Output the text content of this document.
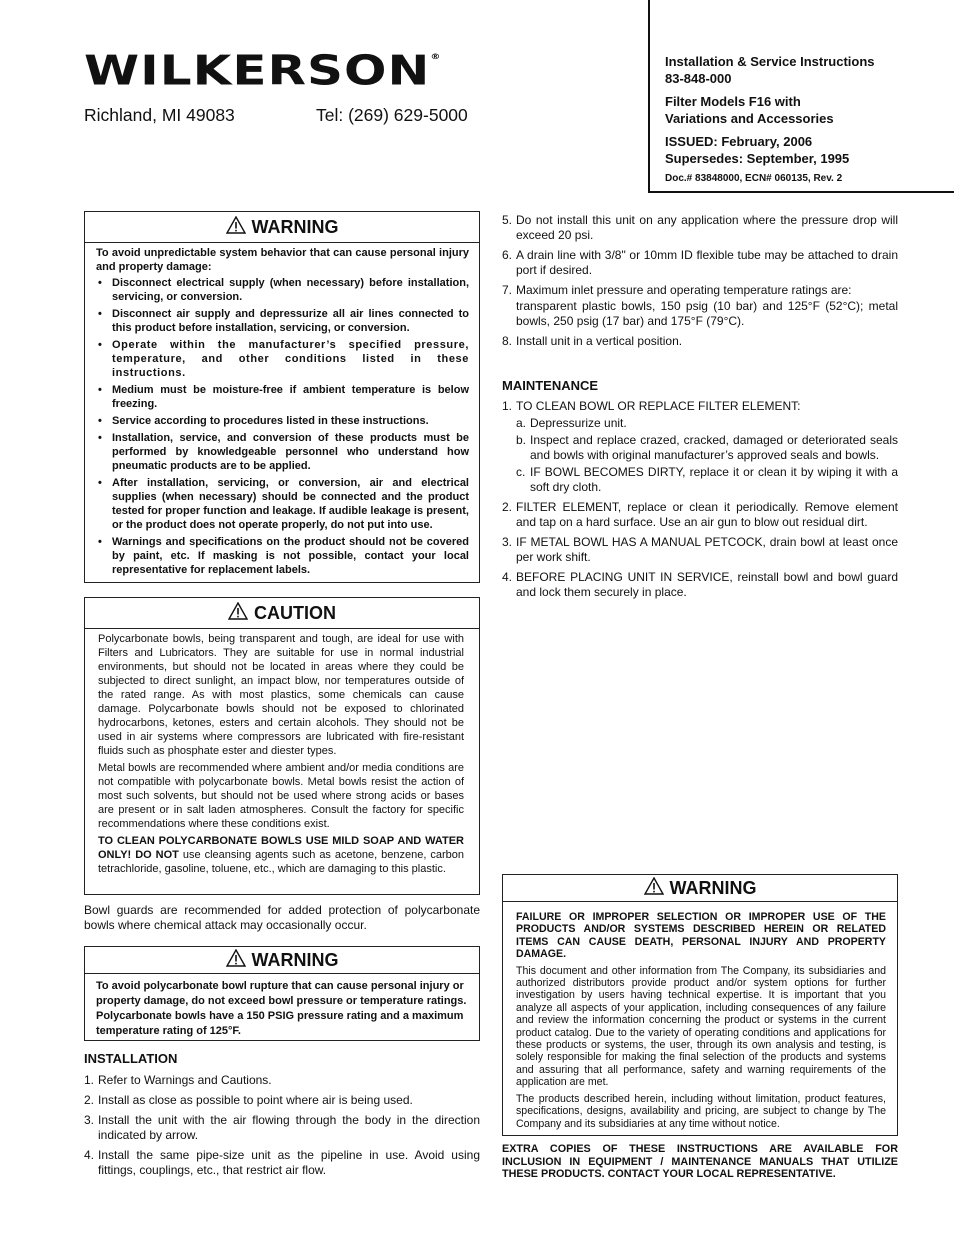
WILKERSON®
Richland, MI 49083	Tel: (269) 629-5000
Installation & Service Instructions
83-848-000
Filter Models F16 with
Variations and Accessories
ISSUED: February, 2006
Supersedes: September, 1995
Doc.# 83848000, ECN# 060135, Rev. 2
WARNING

To avoid unpredictable system behavior that can cause personal injury and property damage:

• Disconnect electrical supply (when necessary) before installation, servicing, or conversion.
• Disconnect air supply and depressurize all air lines connected to this product before installation, servicing, or conversion.
• Operate within the manufacturer’s specified pressure, temperature, and other conditions listed in these instructions.
• Medium must be moisture-free if ambient temperature is below freezing.
• Service according to procedures listed in these instructions.
• Installation, service, and conversion of these products must be performed by knowledgeable personnel who understand how pneumatic products are to be applied.
• After installation, servicing, or conversion, air and electrical supplies (when necessary) should be connected and the product tested for proper function and leakage. If audible leakage is present, or the product does not operate properly, do not put into use.
• Warnings and specifications on the product should not be covered by paint, etc. If masking is not possible, contact your local representative for replacement labels.
CAUTION

Polycarbonate bowls, being transparent and tough, are ideal for use with Filters and Lubricators. They are suitable for use in normal industrial environments, but should not be located in areas where they could be subjected to direct sunlight, an impact blow, nor temperatures outside of the rated range. As with most plastics, some chemicals can cause damage. Polycarbonate bowls should not be exposed to chlorinated hydrocarbons, ketones, esters and certain alcohols. They should not be used in air systems where compressors are lubricated with fire-resistant fluids such as phosphate ester and diester types.

Metal bowls are recommended where ambient and/or media conditions are not compatible with polycarbonate bowls. Metal bowls resist the action of most such solvents, but should not be used where strong acids or bases are present or in salt laden atmospheres. Consult the factory for specific recommendations where these conditions exist.

TO CLEAN POLYCARBONATE BOWLS USE MILD SOAP AND WATER ONLY! DO NOT use cleansing agents such as acetone, benzene, carbon tetrachloride, gasoline, toluene, etc., which are damaging to this plastic.

Bowl guards are recommended for added protection of polycarbonate bowls where chemical attack may occasionally occur.
WARNING
To avoid polycarbonate bowl rupture that can cause personal injury or property damage, do not exceed bowl pressure or temperature ratings. Polycarbonate bowls have a 150 PSIG pressure rating and a maximum temperature rating of 125°F.
INSTALLATION
1. Refer to Warnings and Cautions.
2. Install as close as possible to point where air is being used.
3. Install the unit with the air flowing through the body in the direction indicated by arrow.
4. Install the same pipe-size unit as the pipeline in use. Avoid using fittings, couplings, etc., that restrict air flow.
5. Do not install this unit on any application where the pressure drop will exceed 20 psi.
6. A drain line with 3/8" or 10mm ID flexible tube may be attached to drain port if desired.
7. Maximum inlet pressure and operating temperature ratings are:

transparent plastic bowls, 150 psig (10 bar) and 125°F (52°C); metal bowls, 250 psig (17 bar) and 175°F (79°C).
8. Install unit in a vertical position.
MAINTENANCE
1. TO CLEAN BOWL OR REPLACE FILTER ELEMENT:
a. Depressurize unit.
b. Inspect and replace crazed, cracked, damaged or deteriorated seals and bowls with original manufacturer’s approved seals and bowls.
c. IF BOWL BECOMES DIRTY, replace it or clean it by wiping it with a soft dry cloth.
2. FILTER ELEMENT, replace or clean it periodically. Remove element and tap on a hard surface. Use an air gun to blow out residual dirt.
3. IF METAL BOWL HAS A MANUAL PETCOCK, drain bowl at least once per work shift.
4. BEFORE PLACING UNIT IN SERVICE, reinstall bowl and bowl guard and lock them securely in place.
WARNING

FAILURE OR IMPROPER SELECTION OR IMPROPER USE OF THE PRODUCTS AND/OR SYSTEMS DESCRIBED HEREIN OR RELATED ITEMS CAN CAUSE DEATH, PERSONAL INJURY AND PROPERTY DAMAGE.

This document and other information from The Company, its subsidiaries and authorized distributors provide product and/or system options for further investigation by users having technical expertise. It is important that you analyze all aspects of your application, including consequences of any failure and review the information concerning the product or systems in the current product catalog. Due to the variety of operating conditions and applications for these products or systems, the user, through its own analysis and testing, is solely responsible for making the final selection of the products and systems and assuring that all performance, safety and warning requirements of the application are met.

The products described herein, including without limitation, product features, specifications, designs, availability and pricing, are subject to change by The Company and its subsidiaries at any time without notice.

EXTRA COPIES OF THESE INSTRUCTIONS ARE AVAILABLE FOR INCLUSION IN EQUIPMENT / MAINTENANCE MANUALS THAT UTILIZE THESE PRODUCTS. CONTACT YOUR LOCAL REPRESENTATIVE.
